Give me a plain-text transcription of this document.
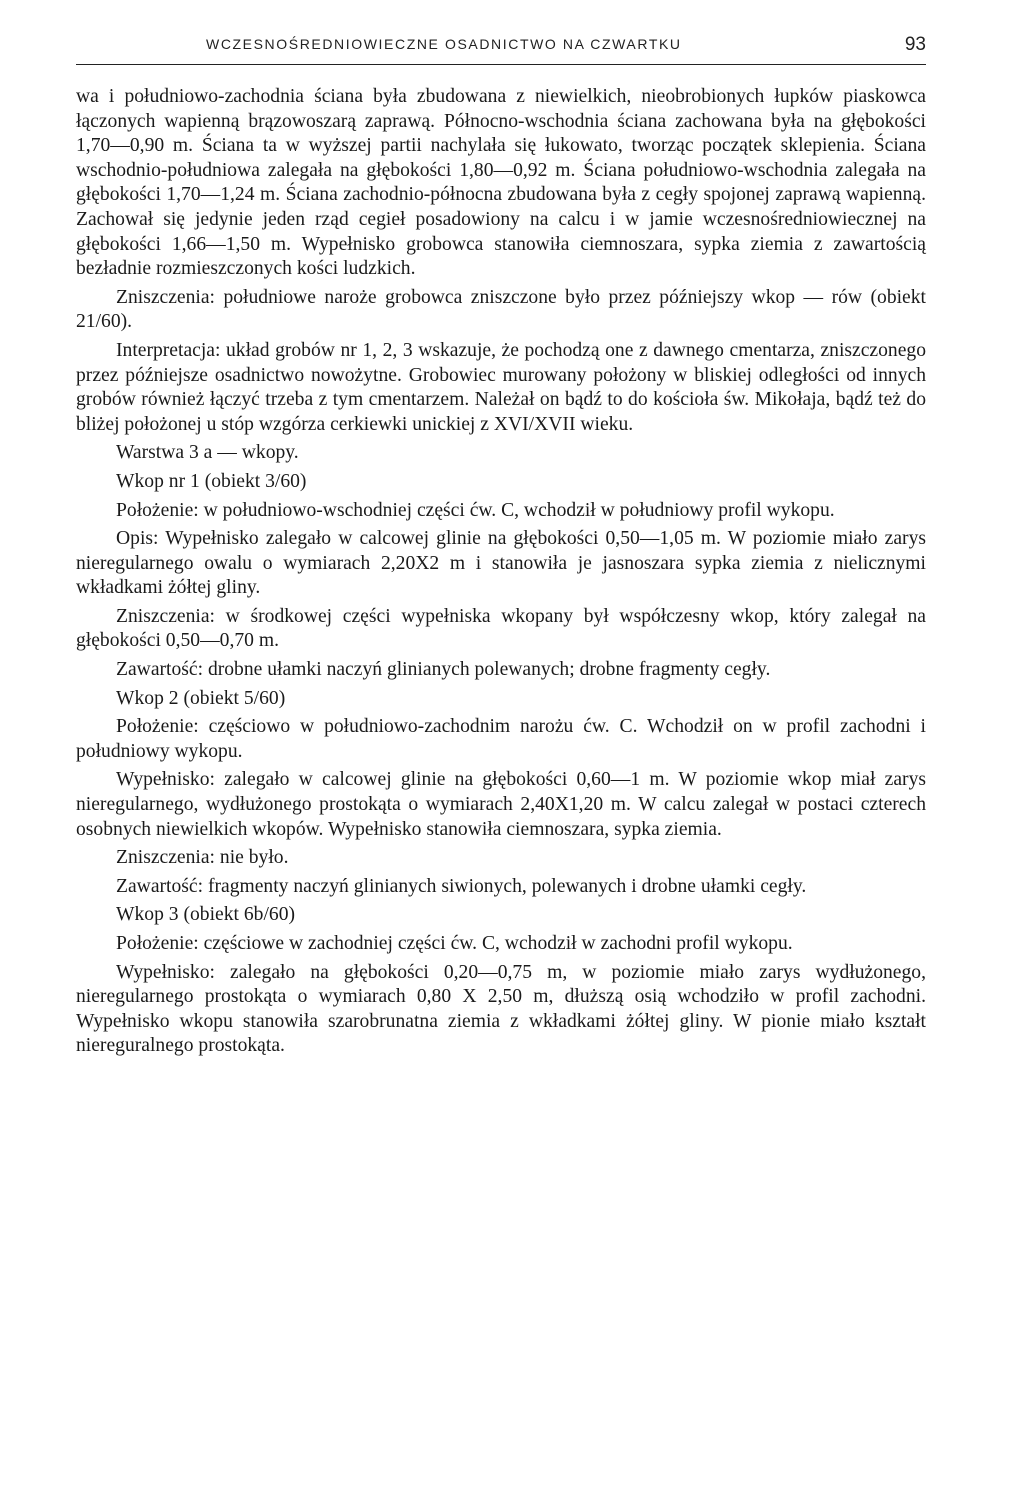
WCZESNOŚREDNIOWIECZNE OSADNICTWO NA CZWARTKU	93

wa i południowo-zachodnia ściana była zbudowana z niewielkich, nieobrobionych łupków piaskowca łączonych wapienną brązowoszarą zaprawą. Północno-wschodnia ściana zachowana była na głębokości 1,70—0,90 m. Ściana ta w wyższej partii nachylała się łukowato, tworząc początek sklepienia. Ściana wschodnio-południowa zalegała na głębokości 1,80—0,92 m. Ściana południowo-wschodnia zalegała na głębokości 1,70—1,24 m. Ściana zachodnio-północna zbudowana była z cegły spojonej zaprawą wapienną. Zachował się jedynie jeden rząd cegieł posadowiony na calcu i w jamie wczesnośredniowiecznej na głębokości 1,66—1,50 m. Wypełnisko grobowca stanowiła ciemnoszara, sypka ziemia z zawartością bezładnie rozmieszczonych kości ludzkich.

Zniszczenia: południowe naroże grobowca zniszczone było przez późniejszy wkop — rów (obiekt 21/60).

Interpretacja: układ grobów nr 1, 2, 3 wskazuje, że pochodzą one z dawnego cmentarza, zniszczonego przez późniejsze osadnictwo nowożytne. Grobowiec murowany położony w bliskiej odległości od innych grobów również łączyć trzeba z tym cmentarzem. Należał on bądź to do kościoła św. Mikołaja, bądź też do bliżej położonej u stóp wzgórza cerkiewki unickiej z XVI/XVII wieku.

Warstwa 3 a — wkopy.

Wkop nr 1 (obiekt 3/60)

Położenie: w południowo-wschodniej części ćw. C, wchodził w południowy profil wykopu.

Opis: Wypełnisko zalegało w calcowej glinie na głębokości 0,50—1,05 m. W poziomie miało zarys nieregularnego owalu o wymiarach 2,20X2 m i stanowiła je jasnoszara sypka ziemia z nielicznymi wkładkami żółtej gliny.

Zniszczenia: w środkowej części wypełniska wkopany był współczesny wkop, który zalegał na głębokości 0,50—0,70 m.

Zawartość: drobne ułamki naczyń glinianych polewanych; drobne fragmenty cegły.

Wkop 2 (obiekt 5/60)

Położenie: częściowo w południowo-zachodnim narożu ćw. C. Wchodził on w profil zachodni i południowy wykopu.

Wypełnisko: zalegało w calcowej glinie na głębokości 0,60—1 m. W poziomie wkop miał zarys nieregularnego, wydłużonego prostokąta o wymiarach 2,40X1,20 m. W calcu zalegał w postaci czterech osobnych niewielkich wkopów. Wypełnisko stanowiła ciemnoszara, sypka ziemia.

Zniszczenia: nie było.

Zawartość: fragmenty naczyń glinianych siwionych, polewanych i drobne ułamki cegły.

Wkop 3 (obiekt 6b/60)

Położenie: częściowe w zachodniej części ćw. C, wchodził w zachodni profil wykopu.

Wypełnisko: zalegało na głębokości 0,20—0,75 m, w poziomie miało zarys wydłużonego, nieregularnego prostokąta o wymiarach 0,80 X 2,50 m, dłuższą osią wchodziło w profil zachodni. Wypełnisko wkopu stanowiła szarobrunatna ziemia z wkładkami żółtej gliny. W pionie miało kształt niereguralnego prostokąta.
